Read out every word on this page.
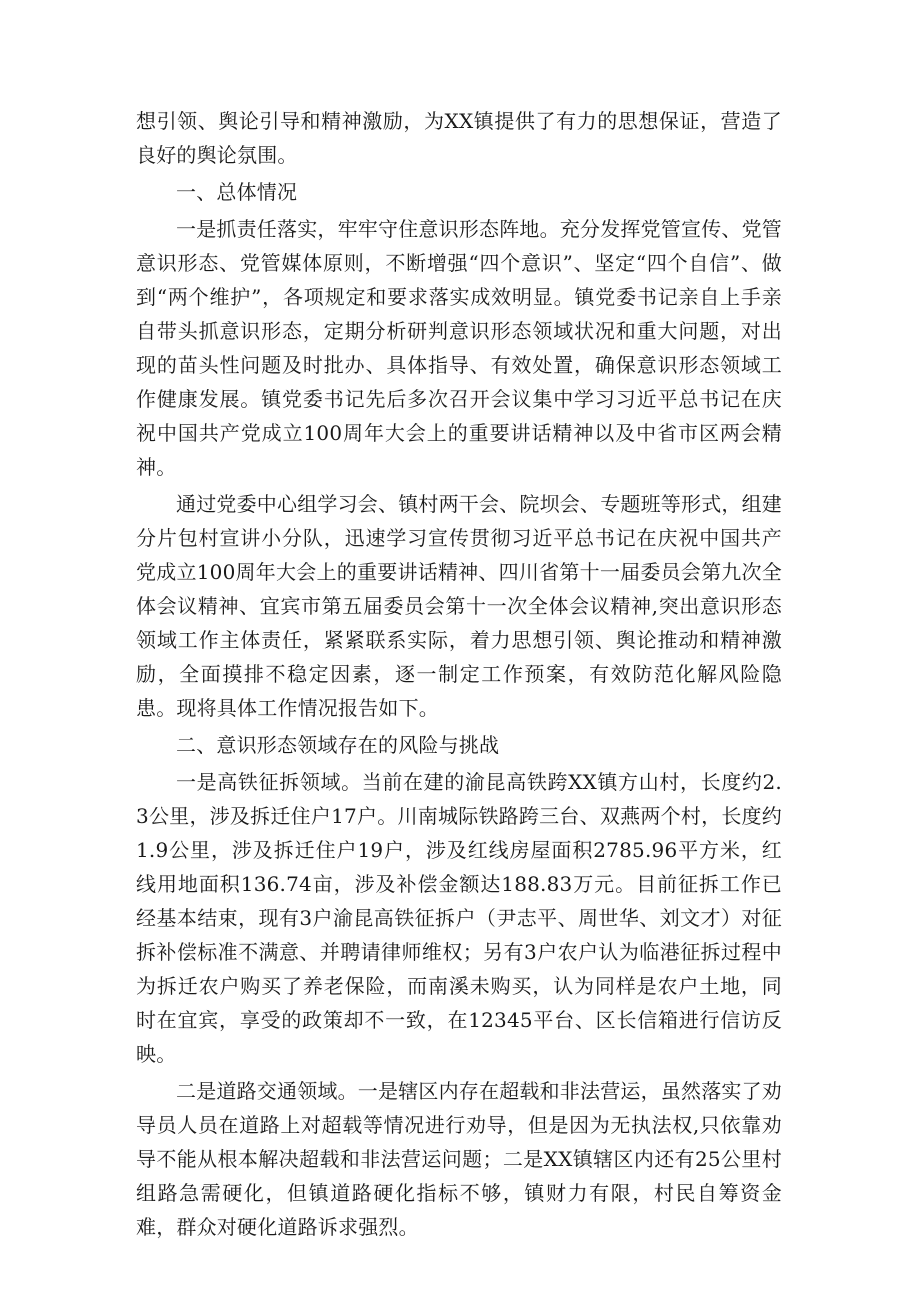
想引领、舆论引导和精神激励，为XX镇提供了有力的思想保证，营造了良好的舆论氛围。

一、总体情况

一是抓责任落实，牢牢守住意识形态阵地。充分发挥党管宣传、党管意识形态、党管媒体原则，不断增强“四个意识”、坚定“四个自信”、做到“两个维护”，各项规定和要求落实成效明显。镇党委书记亲自上手亲自带头抓意识形态，定期分析研判意识形态领域状况和重大问题，对出现的苗头性问题及时批办、具体指导、有效处置，确保意识形态领域工作健康发展。镇党委书记先后多次召开会议集中学习习近平总书记在庆祝中国共产党成立100周年大会上的重要讲话精神以及中省市区两会精神。

通过党委中心组学习会、镇村两干会、院坝会、专题班等形式，组建分片包村宣讲小分队，迅速学习宣传贯彻习近平总书记在庆祝中国共产党成立100周年大会上的重要讲话精神、四川省第十一届委员会第九次全体会议精神、宜宾市第五届委员会第十一次全体会议精神,突出意识形态领域工作主体责任，紧紧联系实际，着力思想引领、舆论推动和精神激励，全面摸排不稳定因素，逐一制定工作预案，有效防范化解风险隐患。现将具体工作情况报告如下。

二、意识形态领域存在的风险与挑战

一是高铁征拆领域。当前在建的渝昆高铁跨XX镇方山村，长度约2.3公里，涉及拆迁住户17户。川南城际铁路跨三台、双燕两个村，长度约1.9公里，涉及拆迁住户19户，涉及红线房屋面积2785.96平方米，红线用地面积136.74亩，涉及补偿金额达188.83万元。目前征拆工作已经基本结束，现有3户渝昆高铁征拆户（尹志平、周世华、刘文才）对征拆补偿标准不满意、并聘请律师维权；另有3户农户认为临港征拆过程中为拆迁农户购买了养老保险，而南溪未购买，认为同样是农户土地，同时在宜宾，享受的政策却不一致，在12345平台、区长信箱进行信访反映。

二是道路交通领域。一是辖区内存在超载和非法营运，虽然落实了劝导员人员在道路上对超载等情况进行劝导，但是因为无执法权,只依靠劝导不能从根本解决超载和非法营运问题；二是XX镇辖区内还有25公里村组路急需硬化，但镇道路硬化指标不够，镇财力有限，村民自筹资金难，群众对硬化道路诉求强烈。
